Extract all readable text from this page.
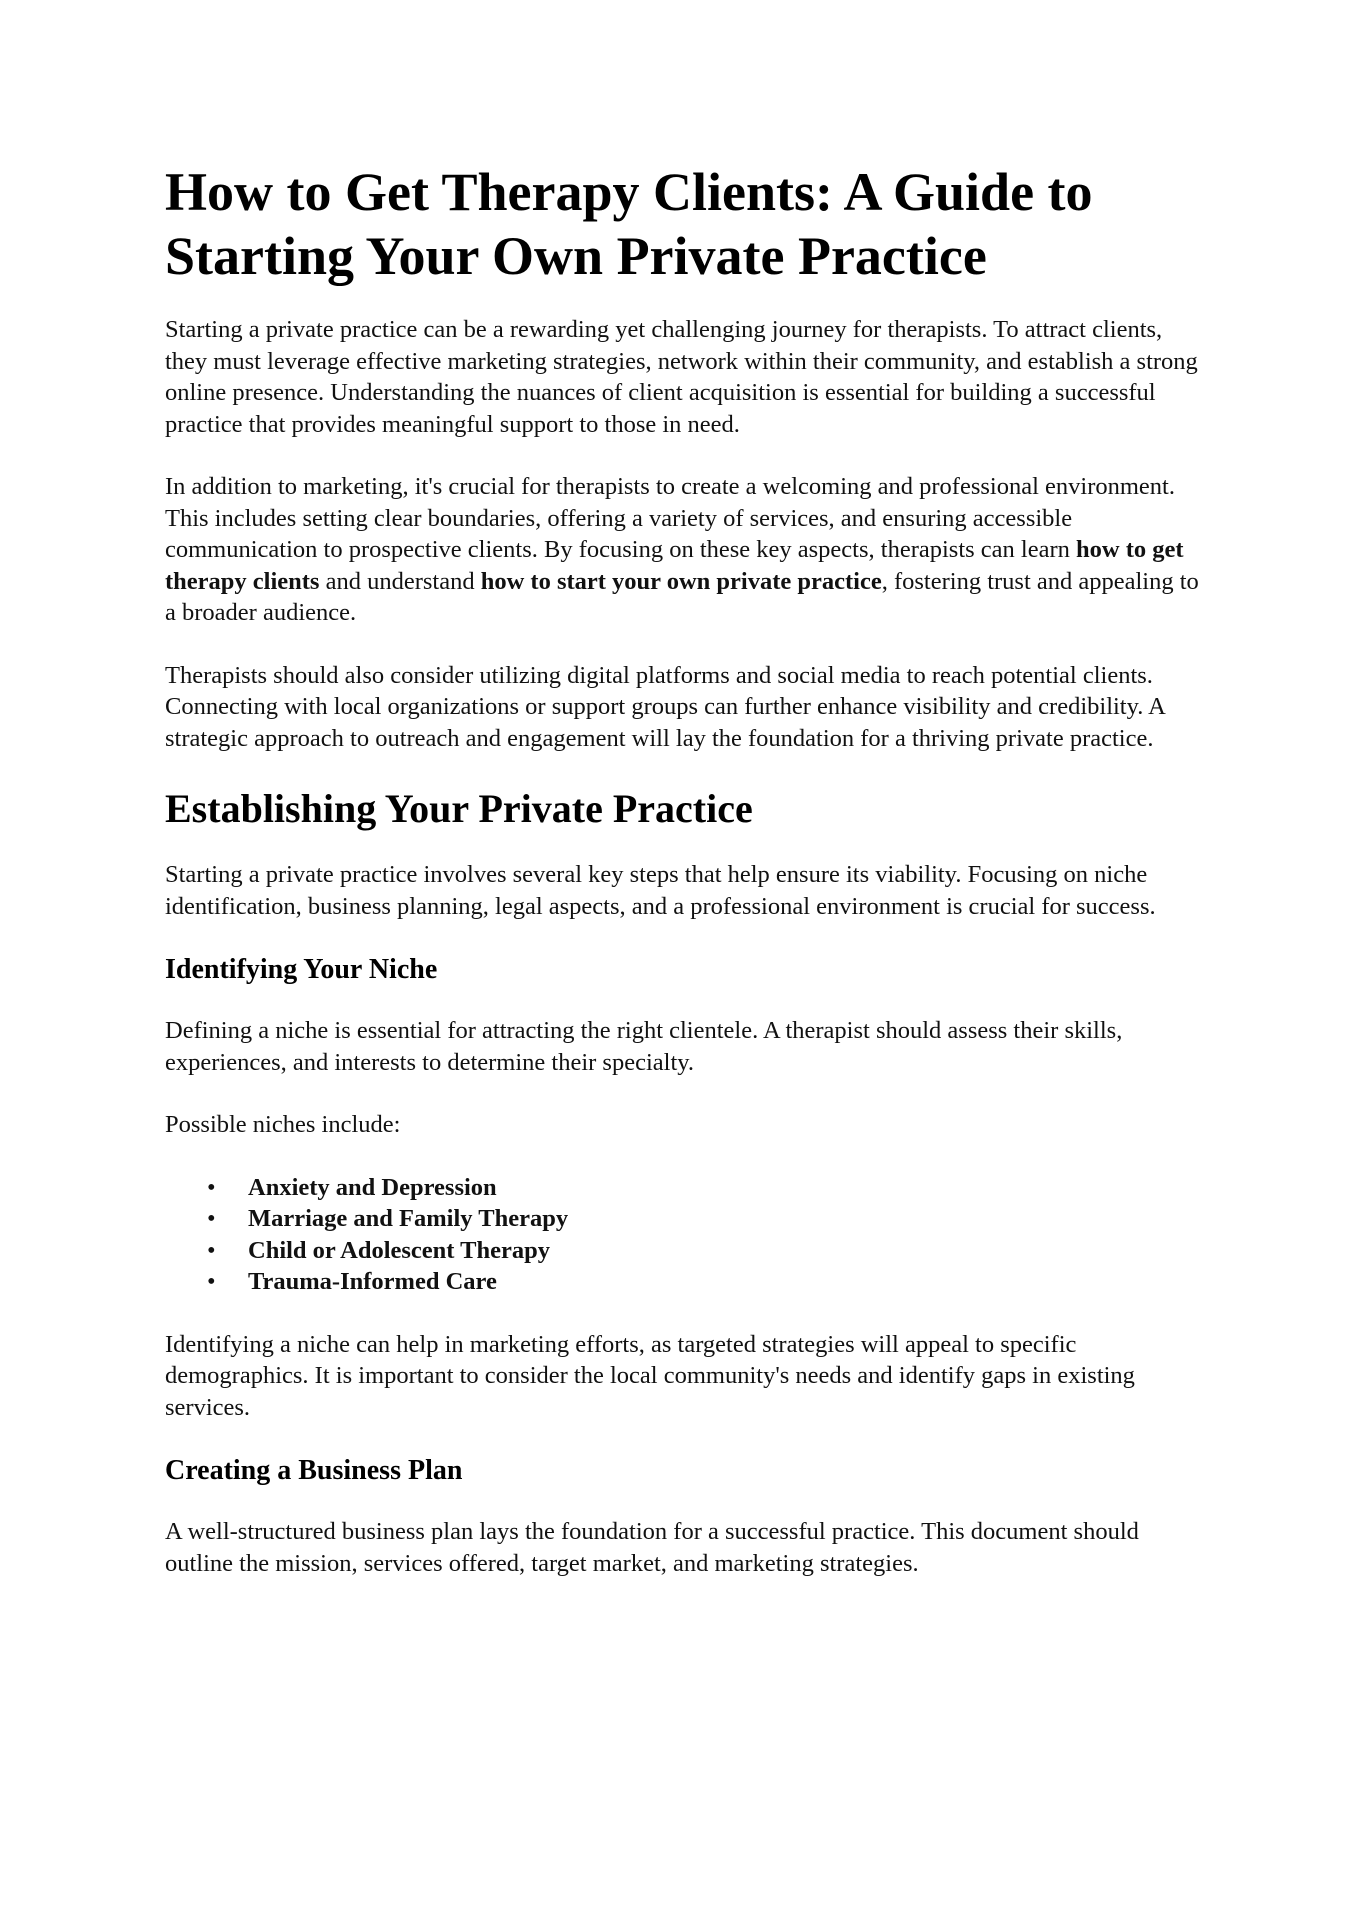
How to Get Therapy Clients: A Guide to Starting Your Own Private Practice

Starting a private practice can be a rewarding yet challenging journey for therapists. To attract clients, they must leverage effective marketing strategies, network within their community, and establish a strong online presence. Understanding the nuances of client acquisition is essential for building a successful practice that provides meaningful support to those in need.

In addition to marketing, it's crucial for therapists to create a welcoming and professional environment. This includes setting clear boundaries, offering a variety of services, and ensuring accessible communication to prospective clients. By focusing on these key aspects, therapists can learn how to get therapy clients and understand how to start your own private practice, fostering trust and appealing to a broader audience.

Therapists should also consider utilizing digital platforms and social media to reach potential clients. Connecting with local organizations or support groups can further enhance visibility and credibility. A strategic approach to outreach and engagement will lay the foundation for a thriving private practice.

Establishing Your Private Practice

Starting a private practice involves several key steps that help ensure its viability. Focusing on niche identification, business planning, legal aspects, and a professional environment is crucial for success.

Identifying Your Niche

Defining a niche is essential for attracting the right clientele. A therapist should assess their skills, experiences, and interests to determine their specialty.

Possible niches include:

• Anxiety and Depression
• Marriage and Family Therapy
• Child or Adolescent Therapy
• Trauma-Informed Care

Identifying a niche can help in marketing efforts, as targeted strategies will appeal to specific demographics. It is important to consider the local community's needs and identify gaps in existing services.

Creating a Business Plan

A well-structured business plan lays the foundation for a successful practice. This document should outline the mission, services offered, target market, and marketing strategies.
